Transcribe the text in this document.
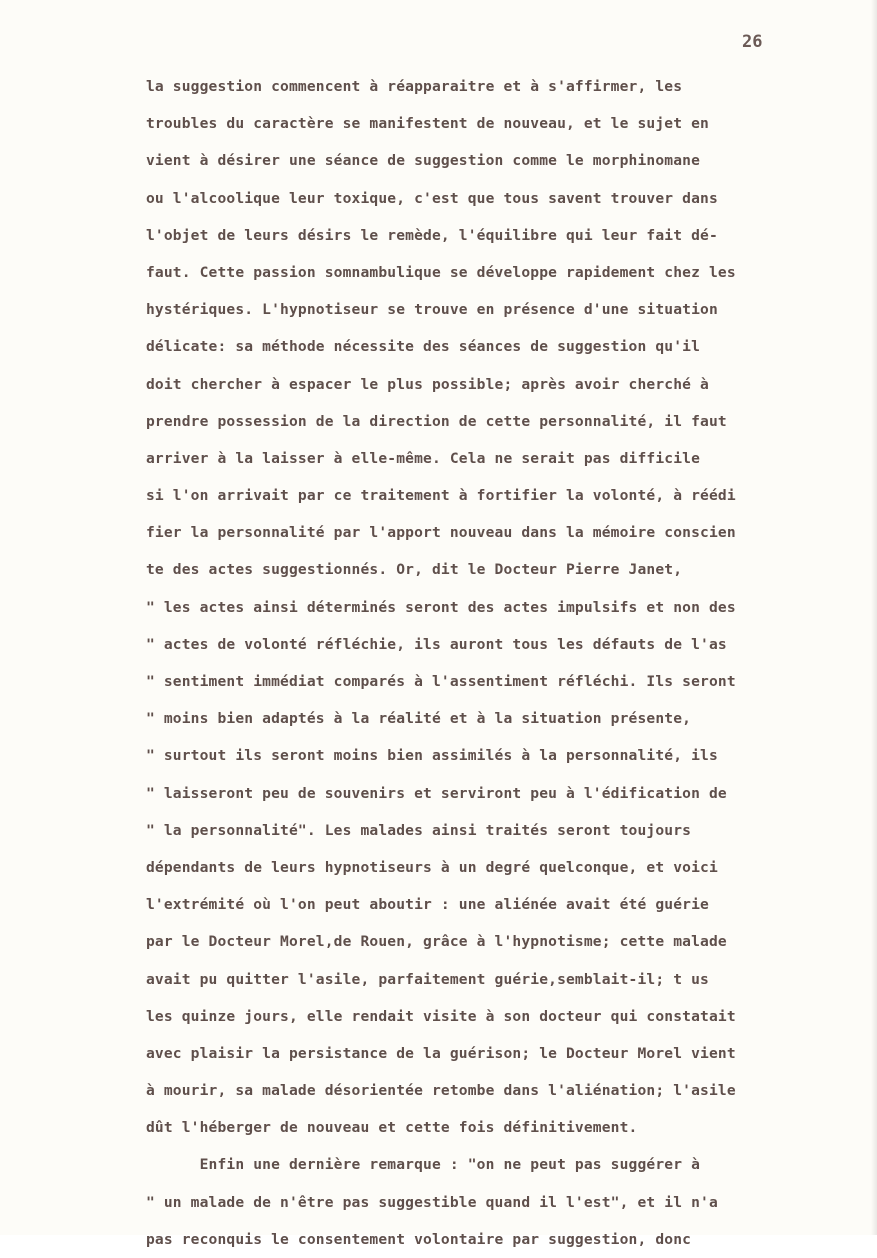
26
la suggestion commencent à réapparaitre et à s'affirmer, les
troubles du caractère se manifestent de nouveau, et le sujet en
vient à désirer une séance de suggestion comme le morphinomane
ou l'alcoolique leur toxique, c'est que tous savent trouver dans
l'objet de leurs désirs le remède, l'équilibre qui leur fait dé-
faut. Cette passion somnambulique se développe rapidement chez les
hystériques. L'hypnotiseur se trouve en présence d'une situation
délicate: sa méthode nécessite des séances de suggestion qu'il
doit chercher à espacer le plus possible; après avoir cherché à
prendre possession de la direction de cette personnalité, il faut
arriver à la laisser à elle-même. Cela ne serait pas difficile
si l'on arrivait par ce traitement à fortifier la volonté, à réédi
fier la personnalité par l'apport nouveau dans la mémoire conscien
te des actes suggestionnés. Or, dit le Docteur Pierre Janet,
" les actes ainsi déterminés seront des actes impulsifs et non des
" actes de volonté réfléchie, ils auront tous les défauts de l'as
" sentiment immédiat comparés à l'assentiment réfléchi. Ils seront
" moins bien adaptés à la réalité et à la situation présente,
" surtout ils seront moins bien assimilés à la personnalité, ils
" laisseront peu de souvenirs et serviront peu à l'édification de
" la personnalité". Les malades ainsi traités seront toujours
dépendants de leurs hypnotiseurs à un degré quelconque, et voici
l'extrémité où l'on peut aboutir : une aliénée avait été guérie
par le Docteur Morel,de Rouen, grâce à l'hypnotisme; cette malade
avait pu quitter l'asile, parfaitement guérie,semblait-il; t us
les quinze jours, elle rendait visite à son docteur qui constatait
avec plaisir la persistance de la guérison; le Docteur Morel vient
à mourir, sa malade désorientée retombe dans l'aliénation; l'asile
dût l'héberger de nouveau et cette fois définitivement.
Enfin une dernière remarque : "on ne peut pas suggérer à
" un malade de n'être pas suggestible quand il l'est", et il n'a
pas reconquis le consentement volontaire par suggestion, donc
